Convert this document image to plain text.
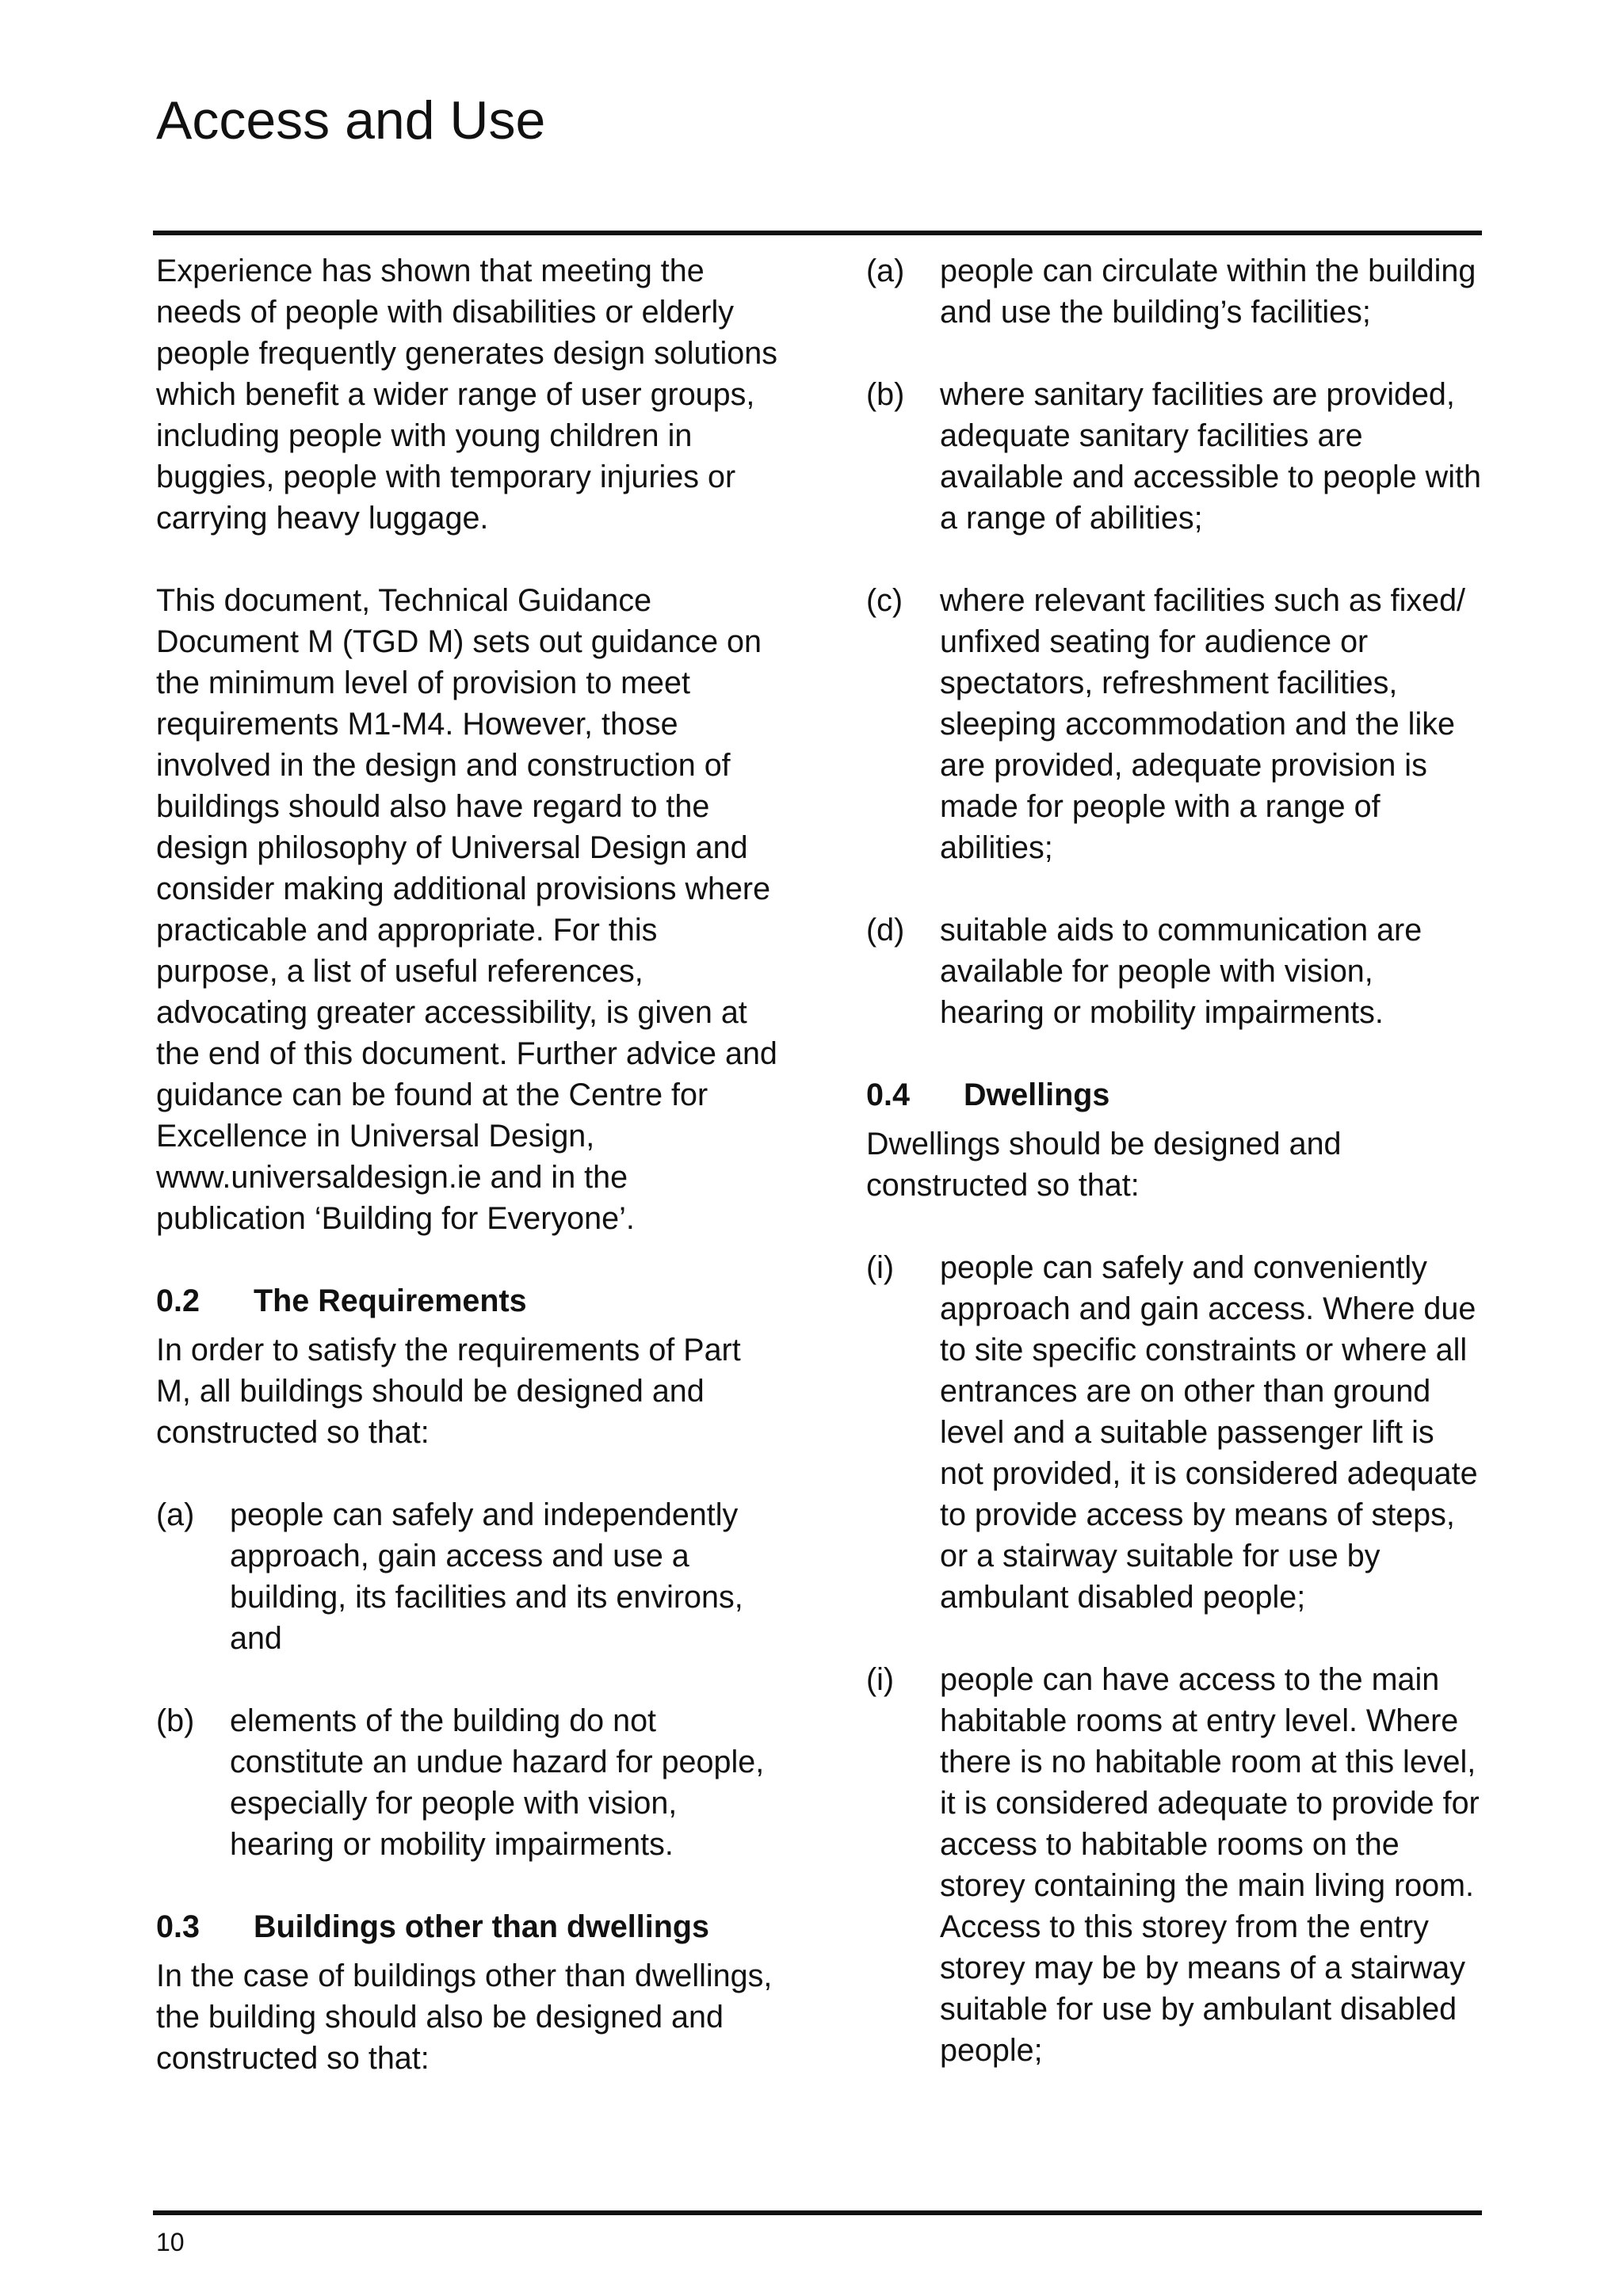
Access and Use

Experience has shown that meeting the needs of people with disabilities or elderly people frequently generates design solutions which benefit a wider range of user groups, including people with young children in buggies, people with temporary injuries or carrying heavy luggage.

This document, Technical Guidance Document M (TGD M) sets out guidance on the minimum level of provision to meet requirements M1-M4. However, those involved in the design and construction of buildings should also have regard to the design philosophy of Universal Design and consider making additional provisions where practicable and appropriate. For this purpose, a list of useful references, advocating greater accessibility, is given at the end of this document. Further advice and guidance can be found at the Centre for Excellence in Universal Design, www.universaldesign.ie and in the publication ‘Building for Everyone’.

0.2 The Requirements

In order to satisfy the requirements of Part M, all buildings should be designed and constructed so that:

(a)	people can safely and independently approach, gain access and use a building, its facilities and its environs, and
(b)	elements of the building do not constitute an undue hazard for people, especially for people with vision, hearing or mobility impairments.
0.3 Buildings other than dwellings

In the case of buildings other than dwellings, the building should also be designed and constructed so that:

(a)	people can circulate within the building and use the building’s facilities;
(b)	where sanitary facilities are provided, adequate sanitary facilities are available and accessible to people with a range of abilities;
(c)	where relevant facilities such as fixed/ unfixed seating for audience or spectators, refreshment facilities, sleeping accommodation and the like are provided, adequate provision is made for people with a range of abilities;
(d)	suitable aids to communication are available for people with vision, hearing or mobility impairments.
0.4 Dwellings

Dwellings should be designed and constructed so that:

(i)	people can safely and conveniently approach and gain access. Where due to site specific constraints or where all entrances are on other than ground level and a suitable passenger lift is not provided, it is considered adequate to provide access by means of steps, or a stairway suitable for use by ambulant disabled people;
(i)	people can have access to the main habitable rooms at entry level. Where there is no habitable room at this level, it is considered adequate to provide for access to habitable rooms on the storey containing the main living room. Access to this storey from the entry storey may be by means of a stairway suitable for use by ambulant disabled people;
10
